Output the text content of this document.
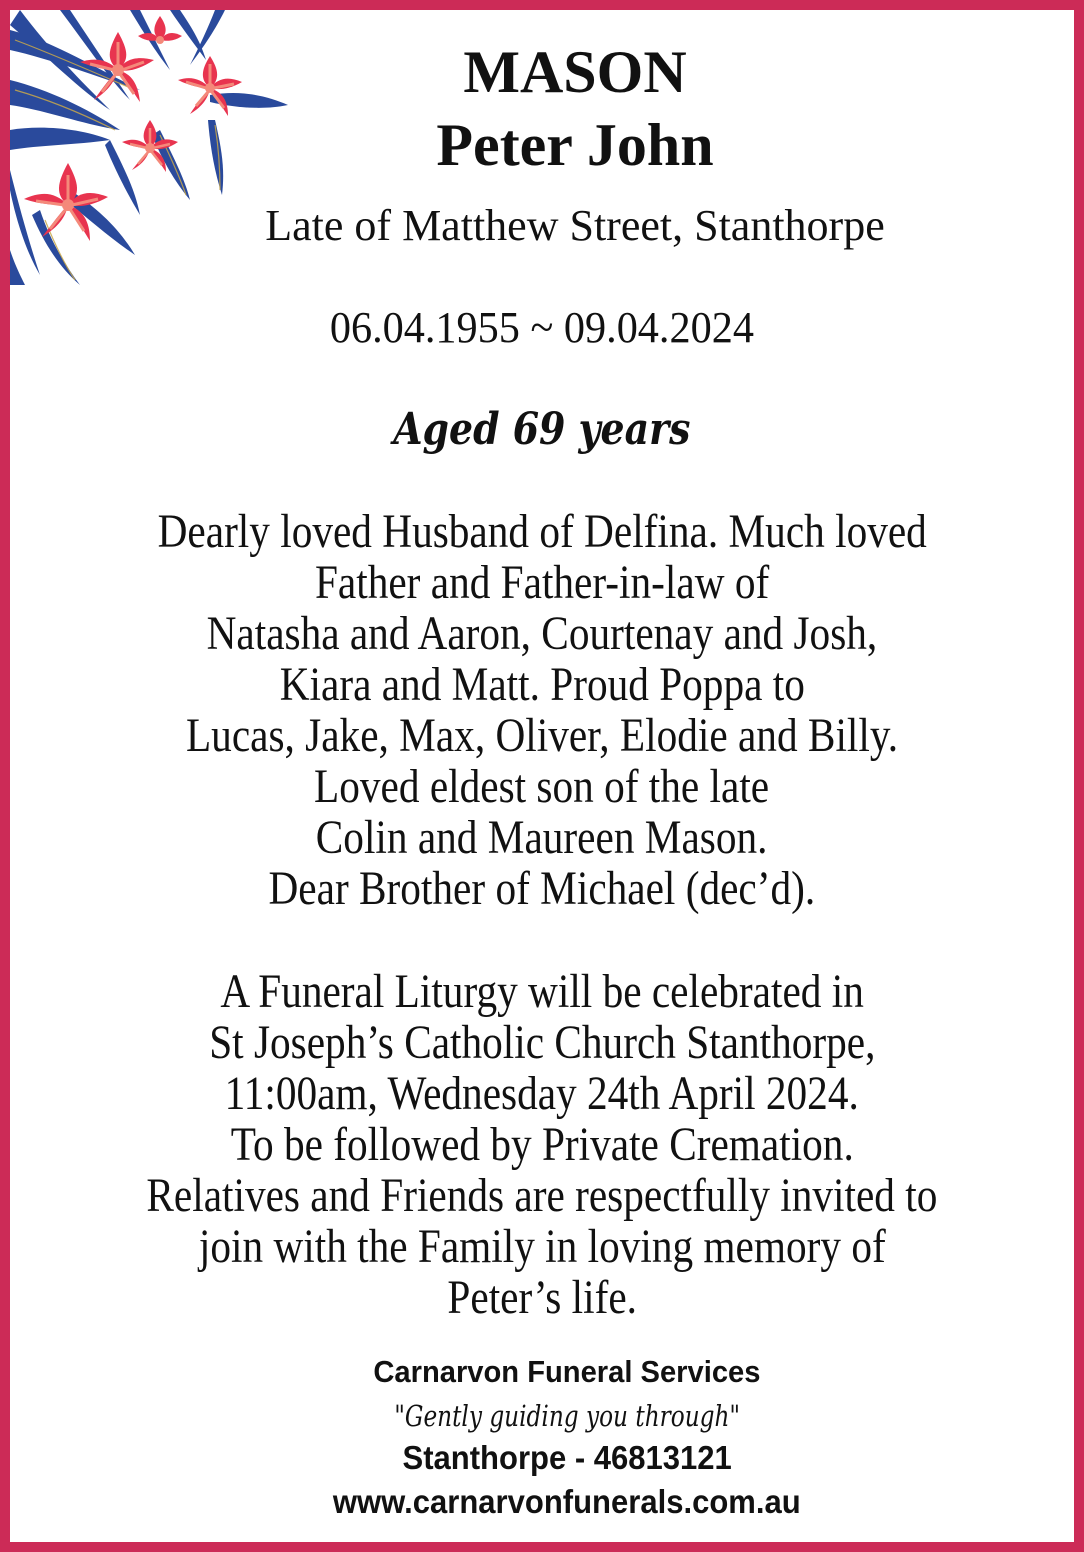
MASON
Peter John
Late of Matthew Street, Stanthorpe
06.04.1955 ~ 09.04.2024
Aged 69 years
Dearly loved Husband of Delfina. Much loved
Father and Father-in-law of
Natasha and Aaron, Courtenay and Josh,
Kiara and Matt. Proud Poppa to
Lucas, Jake, Max, Oliver, Elodie and Billy.
Loved eldest son of the late
Colin and Maureen Mason.
Dear Brother of Michael (dec’d).
A Funeral Liturgy will be celebrated in
St Joseph’s Catholic Church Stanthorpe,
11:00am, Wednesday 24th April 2024.
To be followed by Private Cremation.
Relatives and Friends are respectfully invited to
join with the Family in loving memory of
Peter’s life.
Carnarvon Funeral Services
"Gently guiding you through"
Stanthorpe - 46813121
www.carnarvonfunerals.com.au
